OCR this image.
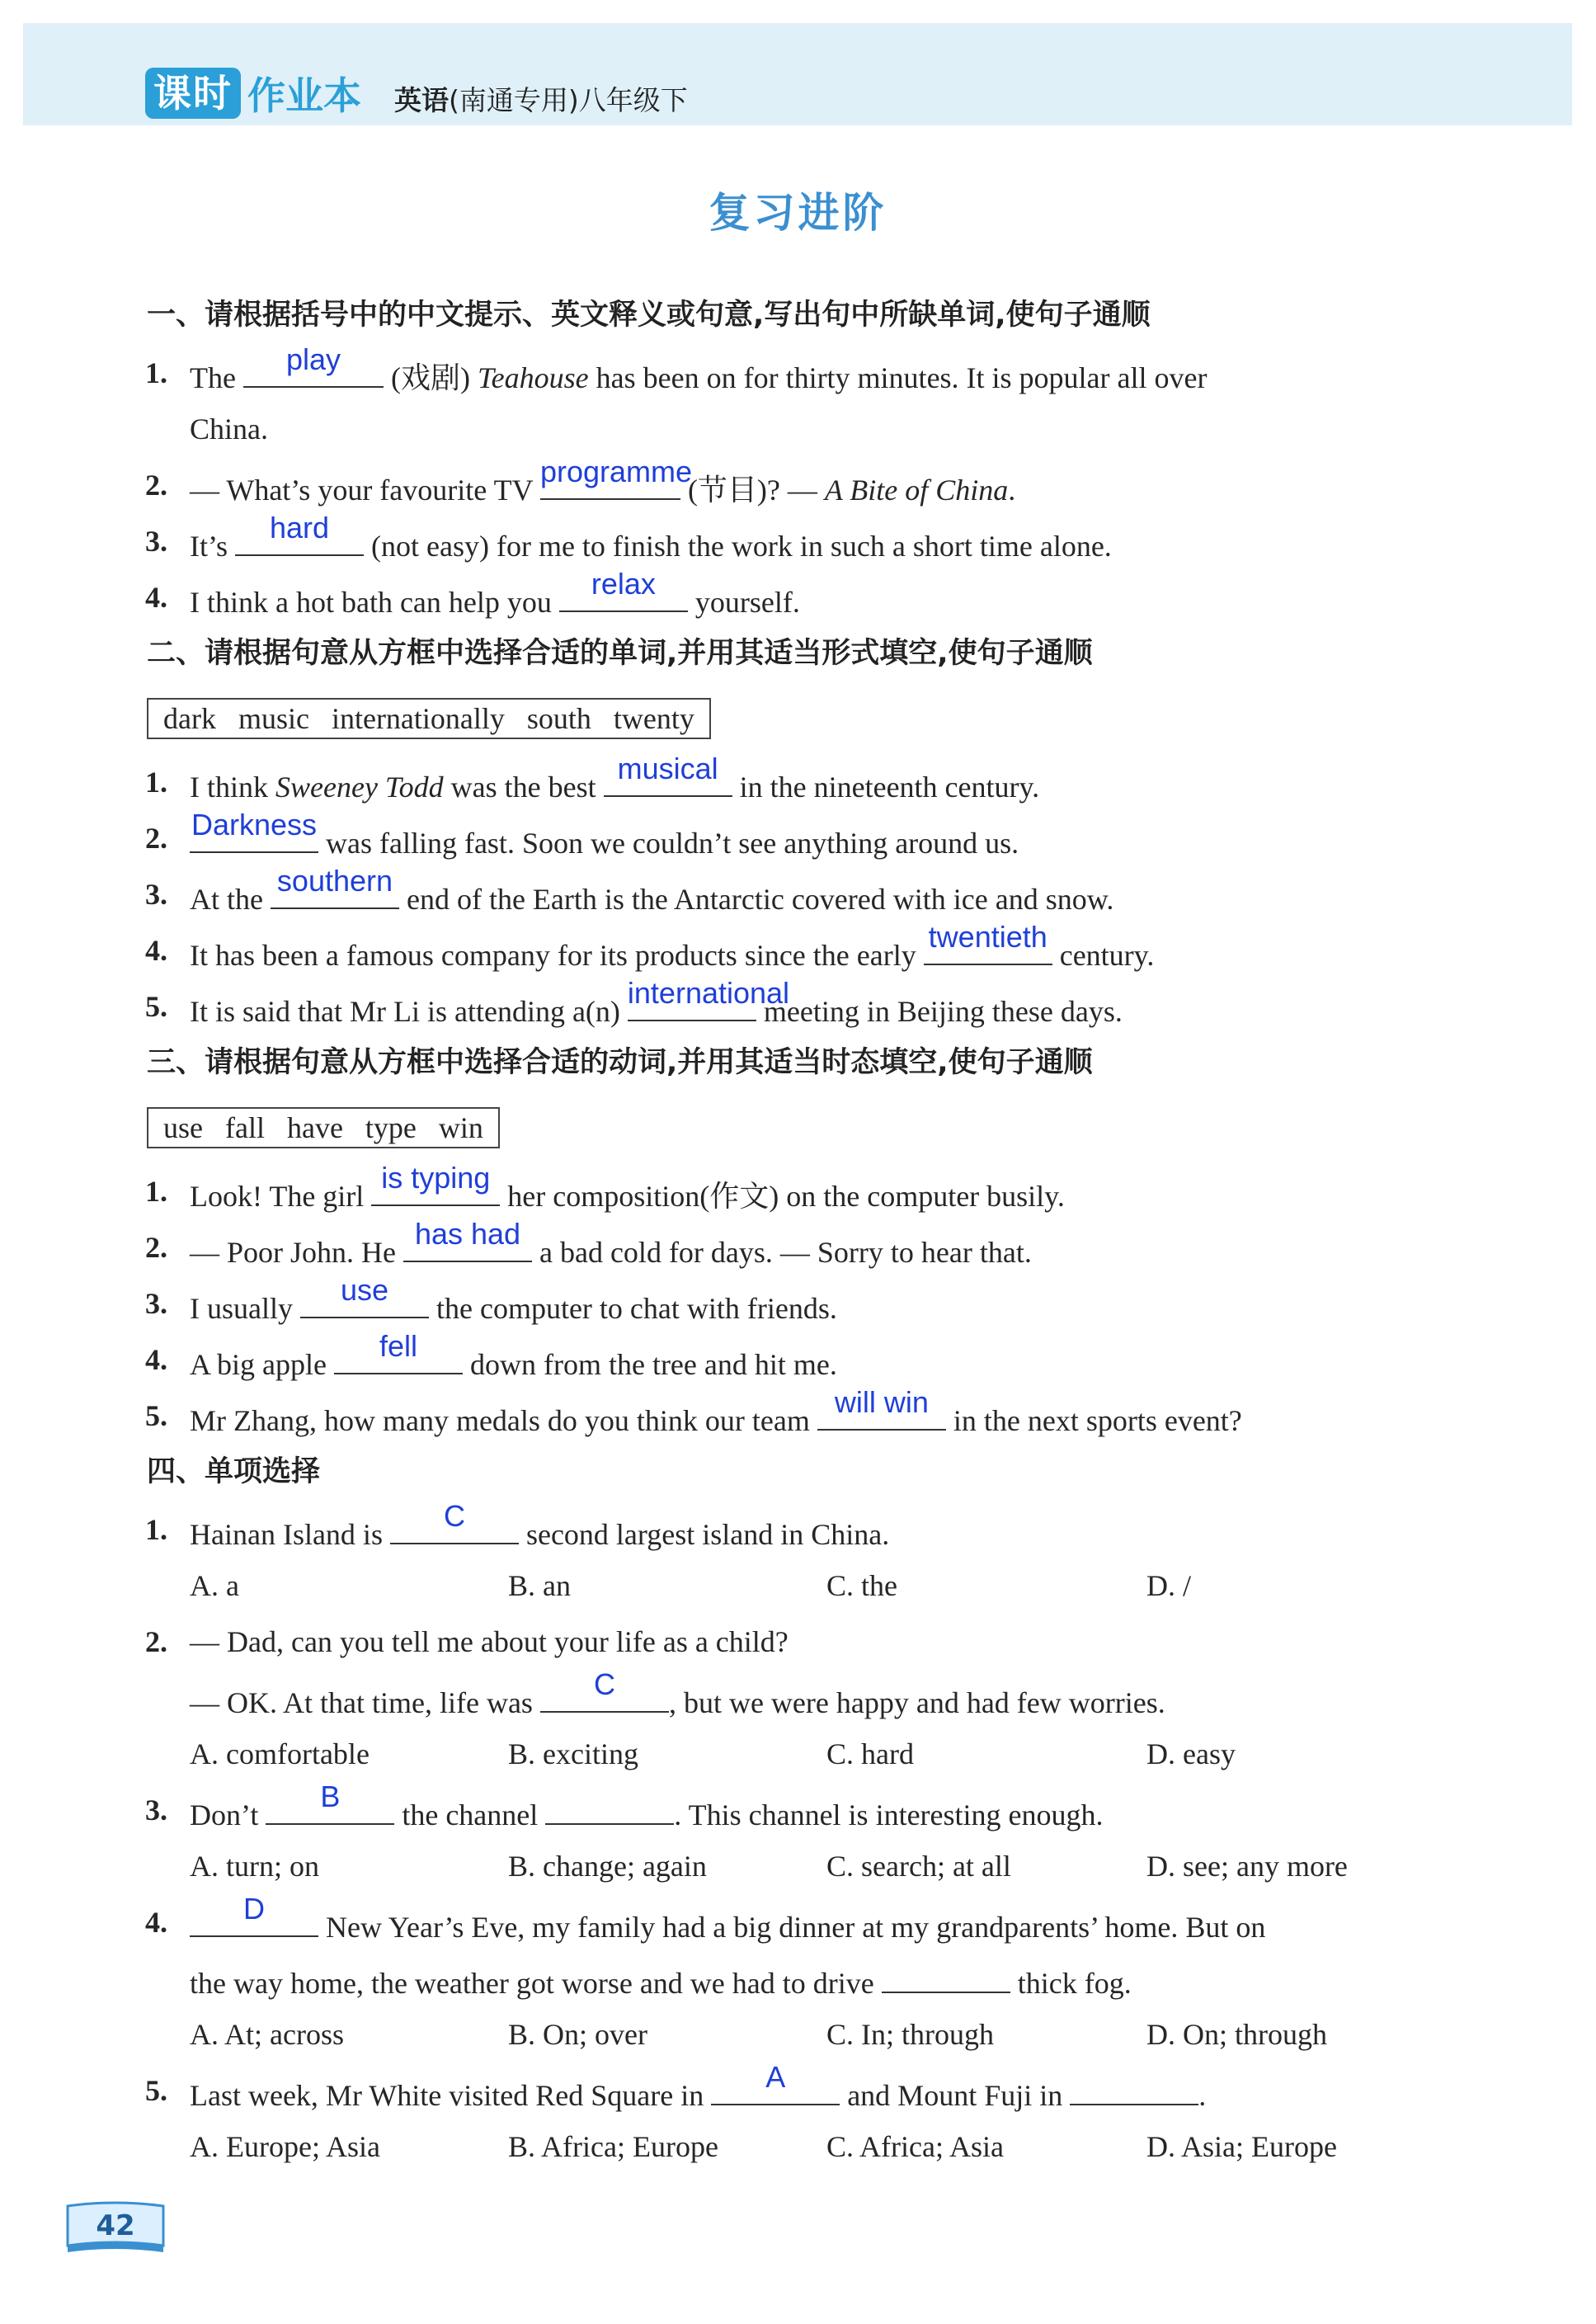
课时 作业本 英语(南通专用)八年级下
复习进阶
一、请根据括号中的中文提示、英文释义或句意,写出句中所缺单词,使句子通顺
1. The
play
(戏剧) Teahouse has been on for thirty minutes. It is popular all over
China.
2. — What’s your favourite TV
programme
(节目)? — A Bite of China.
3. It’s
hard
(not easy) for me to finish the work in such a short time alone.
4. I think a hot bath can help you
relax
yourself.
二、请根据句意从方框中选择合适的单词,并用其适当形式填空,使句子通顺
dark music internationally south twenty
1. I think Sweeney Todd was the best
musical
in the nineteenth century.
2. Darkness
was falling fast. Soon we couldn’t see anything around us.
3. At the
southern
end of the Earth is the Antarctic covered with ice and snow.
4. It has been a famous company for its products since the early
twentieth
century.
5. It is said that Mr Li is attending a(n)
international
meeting in Beijing these days.
三、请根据句意从方框中选择合适的动词,并用其适当时态填空,使句子通顺
use fall have type win
1. Look! The girl
is typing
her composition(作文) on the computer busily.
2. — Poor John. He
has had
a bad cold for days. — Sorry to hear that.
3. I usually
use
the computer to chat with friends.
4. A big apple
fell
down from the tree and hit me.
5. Mr Zhang, how many medals do you think our team
will win
in the next sports event?
四、单项选择
1. Hainan Island is
C
second largest island in China.
A. a	B. an	C. the	D. /
2. — Dad, can you tell me about your life as a child?
— OK. At that time, life was
C
, but we were happy and had few worries.
A. comfortable	B. exciting	C. hard	D. easy
3. Don’t
B
the channel	. This channel is interesting enough.
A. turn; on	B. change; again	C. search; at all	D. see; any more
4.	D
New Year’s Eve, my family had a big dinner at my grandparents’ home. But on
the way home, the weather got worse and we had to drive	thick fog.
A. At; across	B. On; over	C. In; through	D. On; through
5. Last week, Mr White visited Red Square in
A
and Mount Fuji in	.
A. Europe; Asia	B. Africa; Europe	C. Africa; Asia	D. Asia; Europe
42
